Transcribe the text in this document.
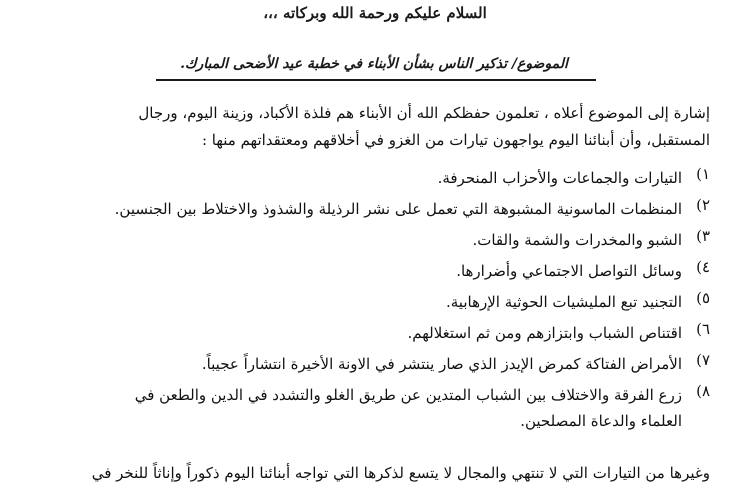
السلام عليكم ورحمة الله وبركاته ،،،
الموضوع/ تذكير الناس بشأن الأبناء في خطبة عيد الأضحى المبارك.
إشارة إلى الموضوع أعلاه ، تعلمون حفظكم الله أن الأبناء هم فلذة الأكباد، وزينة اليوم، ورجال
المستقبل، وأن أبنائنا اليوم يواجهون تيارات من الغزو في أخلاقهم ومعتقداتهم منها :
١)
التيارات والجماعات والأحزاب المنحرفة.
٢)
المنظمات الماسونية المشبوهة التي تعمل على نشر الرذيلة والشذوذ والاختلاط بين الجنسين.
٣)
الشبو والمخدرات والشمة والقات.
٤)
وسائل التواصل الاجتماعي وأضرارها.
٥)
التجنيد تبع المليشيات الحوثية الإرهابية.
٦)
اقتناص الشباب وابتزازهم ومن ثم استغلالهم.
٧)
الأمراض الفتاكة كمرض الإيدز الذي صار ينتشر في الاونة الأخيرة انتشاراً عجيباً.
٨)
زرع الفرقة والاختلاف بين الشباب المتدين عن طريق الغلو والتشدد في الدين والطعن في
العلماء والدعاة المصلحين.
وغيرها من التيارات التي لا تنتهي والمجال لا يتسع لذكرها التي تواجه أبنائنا اليوم ذكوراً وإناثاً للنخر في
